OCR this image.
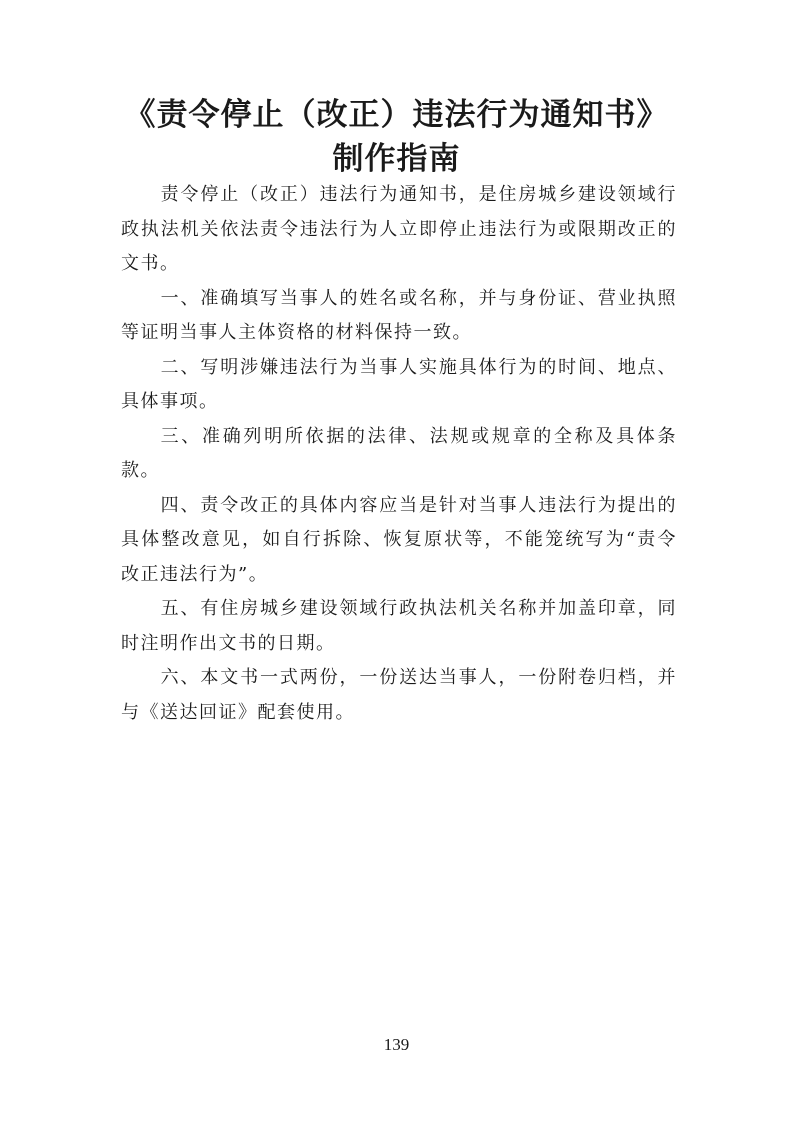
《责令停止（改正）违法行为通知书》
制作指南

责令停止（改正）违法行为通知书，是住房城乡建设领域行政执法机关依法责令违法行为人立即停止违法行为或限期改正的文书。

一、准确填写当事人的姓名或名称，并与身份证、营业执照等证明当事人主体资格的材料保持一致。

二、写明涉嫌违法行为当事人实施具体行为的时间、地点、具体事项。

三、准确列明所依据的法律、法规或规章的全称及具体条款。

四、责令改正的具体内容应当是针对当事人违法行为提出的具体整改意见，如自行拆除、恢复原状等，不能笼统写为“责令改正违法行为”。

五、有住房城乡建设领域行政执法机关名称并加盖印章，同时注明作出文书的日期。

六、本文书一式两份，一份送达当事人，一份附卷归档，并与《送达回证》配套使用。

139
